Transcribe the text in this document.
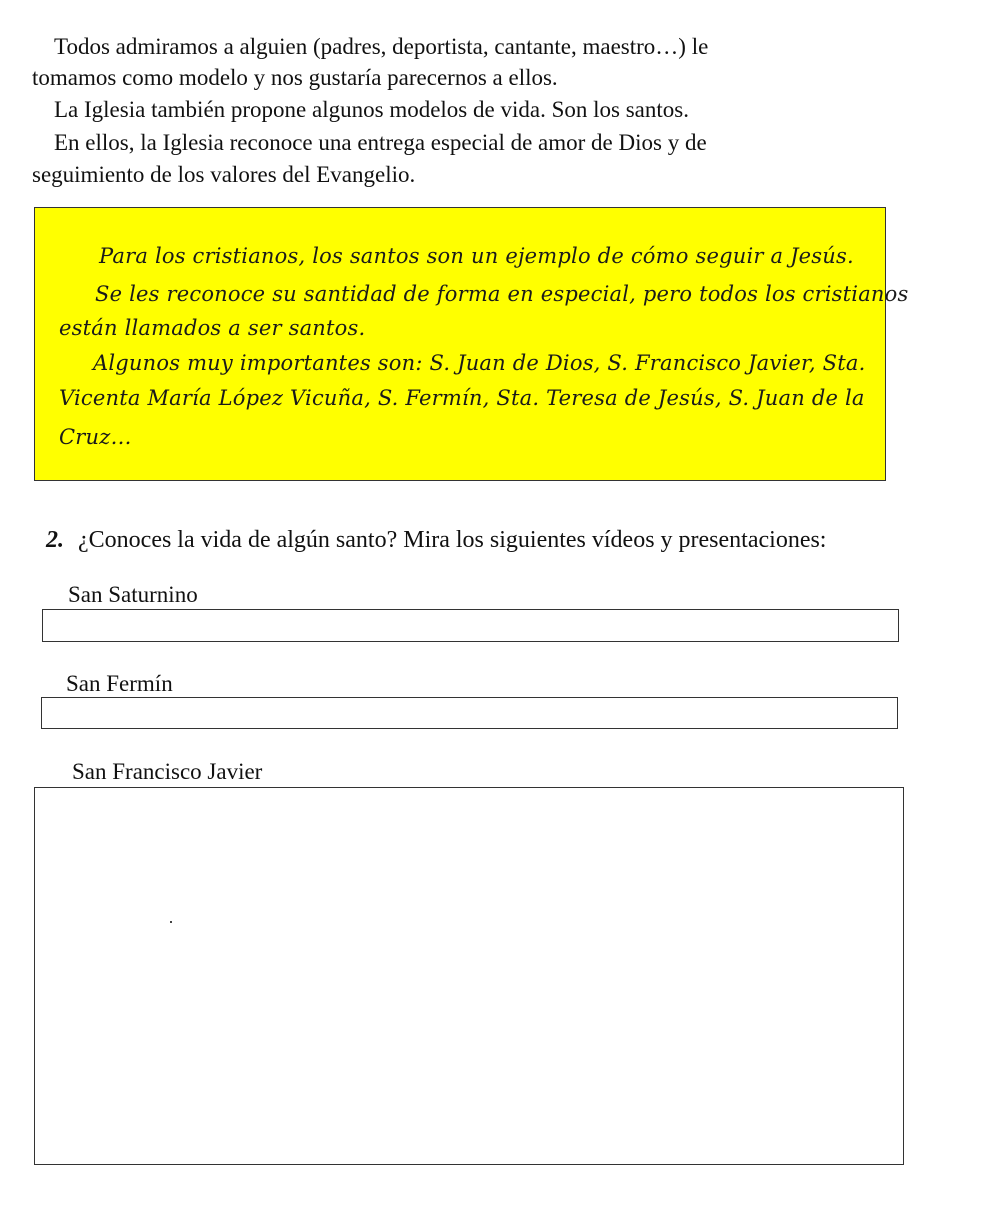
Todos admiramos a alguien (padres, deportista, cantante, maestro…) le
tomamos como modelo y nos gustaría parecernos a ellos.
La Iglesia también propone algunos modelos de vida. Son los santos.
En ellos, la Iglesia reconoce una entrega especial de amor de Dios y de
seguimiento de los valores del Evangelio.
Para los cristianos, los santos son un ejemplo de cómo seguir a Jesús.
Se les reconoce su santidad de forma en especial, pero todos los cristianos
están llamados a ser santos.
Algunos muy importantes son: S. Juan de Dios, S. Francisco Javier, Sta.
Vicenta María López Vicuña, S. Fermín, Sta. Teresa de Jesús, S. Juan de la
Cruz…
2. ¿Conoces la vida de algún santo? Mira los siguientes vídeos y presentaciones:
San Saturnino
San Fermín
San Francisco Javier
